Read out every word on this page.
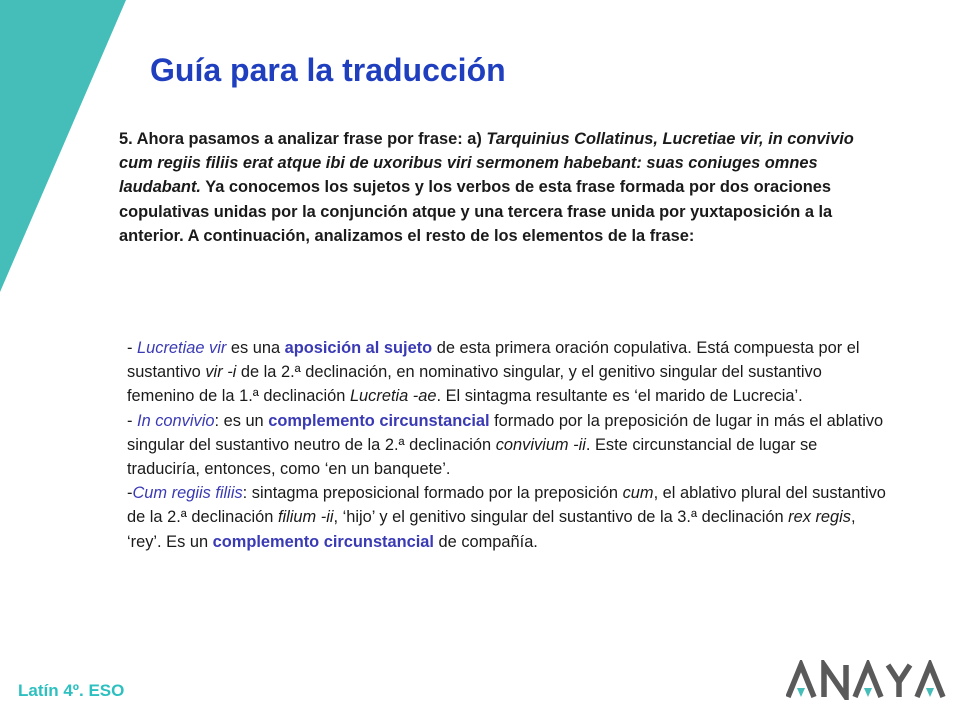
Guía para la traducción

5. Ahora pasamos a analizar frase por frase: a) Tarquinius Collatinus, Lucretiae vir, in convivio cum regiis filiis erat atque ibi de uxoribus viri sermonem habebant: suas coniuges omnes laudabant. Ya conocemos los sujetos y los verbos de esta frase formada por dos oraciones copulativas unidas por la conjunción atque y una tercera frase unida por yuxtaposición a la anterior. A continuación, analizamos el resto de los elementos de la frase:

- Lucretiae vir es una aposición al sujeto de esta primera oración copulativa. Está compuesta por el sustantivo vir -i de la 2.ª declinación, en nominativo singular, y el genitivo singular del sustantivo femenino de la 1.ª declinación Lucretia -ae. El sintagma resultante es ‘el marido de Lucrecia’.

- In convivio: es un complemento circunstancial formado por la preposición de lugar in más el ablativo singular del sustantivo neutro de la 2.ª declinación convivium -ii. Este circunstancial de lugar se traduciría, entonces, como ‘en un banquete’.

-Cum regiis filiis: sintagma preposicional formado por la preposición cum, el ablativo plural del sustantivo de la 2.ª declinación filium -ii, ‘hijo’ y el genitivo singular del sustantivo de la 3.ª declinación rex regis, ‘rey’. Es un complemento circunstancial de compañía.

Latín 4º. ESO
